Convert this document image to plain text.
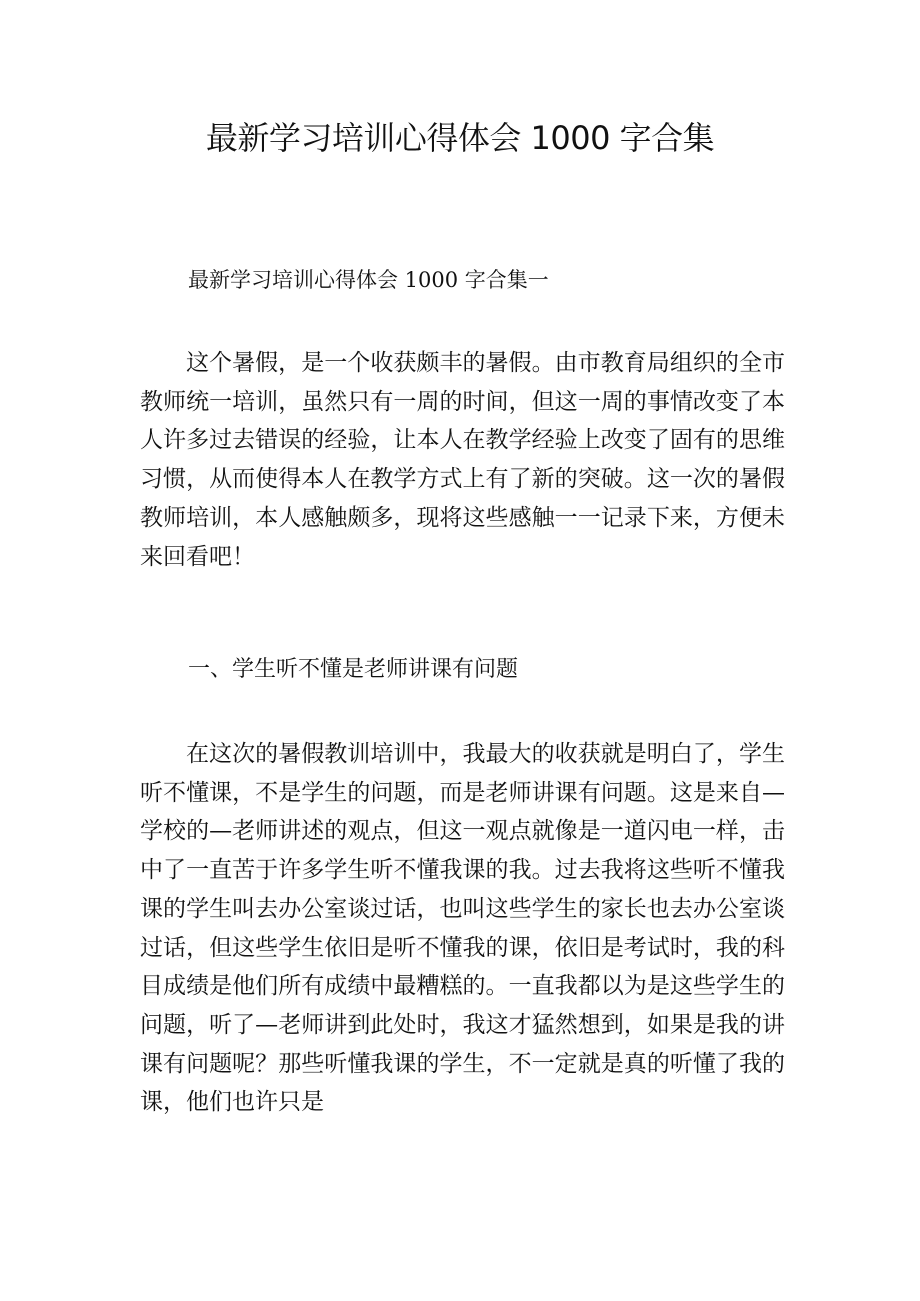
最新学习培训心得体会 1000 字合集

最新学习培训心得体会 1000 字合集一

这个暑假，是一个收获颇丰的暑假。由市教育局组织的全市教师统一培训，虽然只有一周的时间，但这一周的事情改变了本人许多过去错误的经验，让本人在教学经验上改变了固有的思维习惯，从而使得本人在教学方式上有了新的突破。这一次的暑假教师培训，本人感触颇多，现将这些感触一一记录下来，方便未来回看吧！

一、学生听不懂是老师讲课有问题

在这次的暑假教训培训中，我最大的收获就是明白了，学生听不懂课，不是学生的问题，而是老师讲课有问题。这是来自—学校的—老师讲述的观点，但这一观点就像是一道闪电一样，击中了一直苦于许多学生听不懂我课的我。过去我将这些听不懂我课的学生叫去办公室谈过话，也叫这些学生的家长也去办公室谈过话，但这些学生依旧是听不懂我的课，依旧是考试时，我的科目成绩是他们所有成绩中最糟糕的。一直我都以为是这些学生的问题，听了—老师讲到此处时，我这才猛然想到，如果是我的讲课有问题呢？那些听懂我课的学生，不一定就是真的听懂了我的课，他们也许只是
